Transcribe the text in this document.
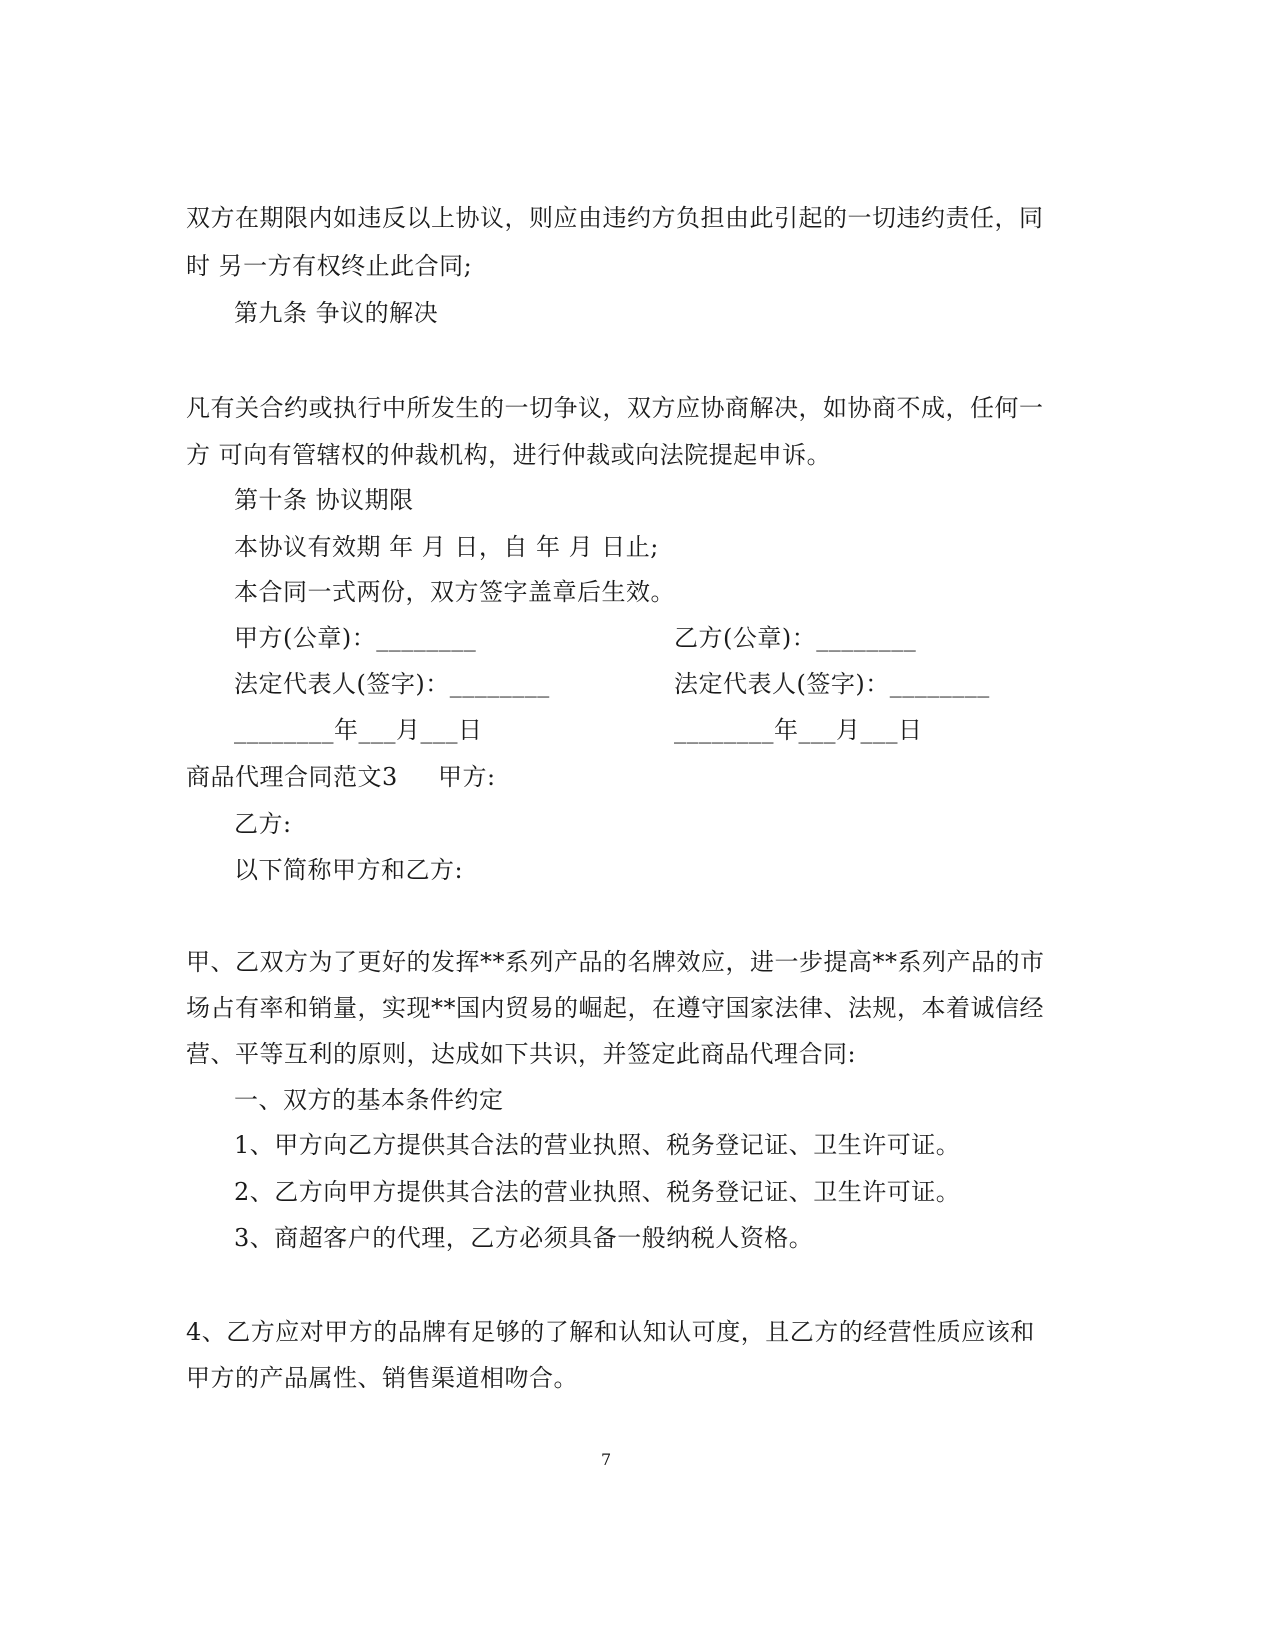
双方在期限内如违反以上协议，则应由违约方负担由此引起的一切违约责任，同
时 另一方有权终止此合同;
第九条 争议的解决
凡有关合约或执行中所发生的一切争议，双方应协商解决，如协商不成，任何一
方 可向有管辖权的仲裁机构，进行仲裁或向法院提起申诉。
第十条 协议期限
本协议有效期 年 月 日，自 年 月 日止;
本合同一式两份，双方签字盖章后生效。
甲方(公章)：________	乙方(公章)：________
法定代表人(签字)：________	法定代表人(签字)：________
________年___月___日	________年___月___日
商品代理合同范文3 甲方:
乙方:
以下简称甲方和乙方:
甲、乙双方为了更好的发挥**系列产品的名牌效应，进一步提高**系列产品的市
场占有率和销量，实现**国内贸易的崛起，在遵守国家法律、法规，本着诚信经
营、平等互利的原则，达成如下共识，并签定此商品代理合同:
一、双方的基本条件约定
1、甲方向乙方提供其合法的营业执照、税务登记证、卫生许可证。
2、乙方向甲方提供其合法的营业执照、税务登记证、卫生许可证。
3、商超客户的代理，乙方必须具备一般纳税人资格。
4、乙方应对甲方的品牌有足够的了解和认知认可度，且乙方的经营性质应该和
甲方的产品属性、销售渠道相吻合。
7
